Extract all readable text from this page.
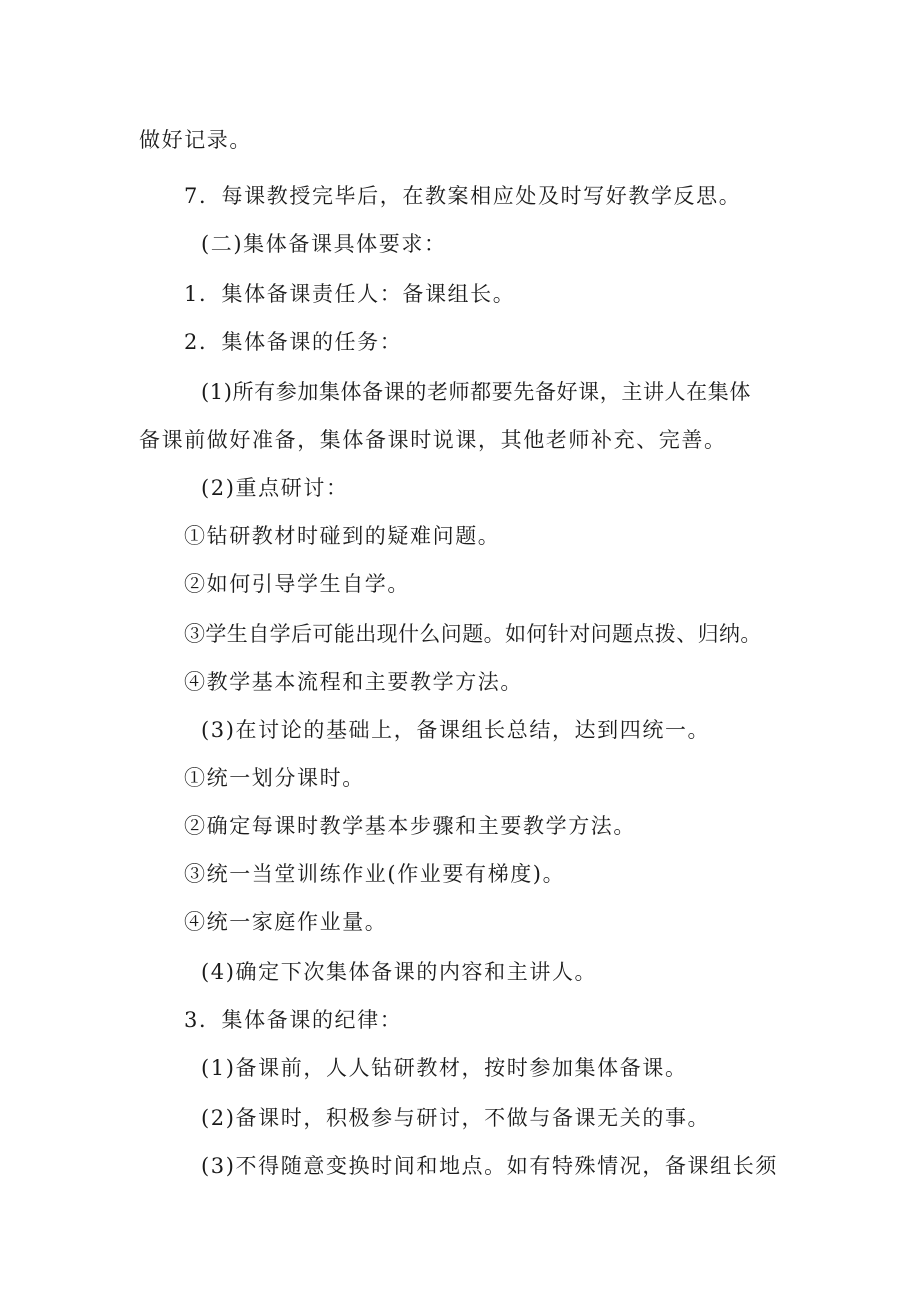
做好记录。
7．每课教授完毕后，在教案相应处及时写好教学反思。
(二)集体备课具体要求：
1．集体备课责任人：备课组长。
2．集体备课的任务：
(1)所有参加集体备课的老师都要先备好课，主讲人在集体
备课前做好准备，集体备课时说课，其他老师补充、完善。
(2)重点研讨：
①钻研教材时碰到的疑难问题。
②如何引导学生自学。
③学生自学后可能出现什么问题。如何针对问题点拨、归纳。
④教学基本流程和主要教学方法。
(3)在讨论的基础上，备课组长总结，达到四统一。
①统一划分课时。
②确定每课时教学基本步骤和主要教学方法。
③统一当堂训练作业(作业要有梯度)。
④统一家庭作业量。
(4)确定下次集体备课的内容和主讲人。
3．集体备课的纪律：
(1)备课前，人人钻研教材，按时参加集体备课。
(2)备课时，积极参与研讨，不做与备课无关的事。
(3)不得随意变换时间和地点。如有特殊情况，备课组长须
